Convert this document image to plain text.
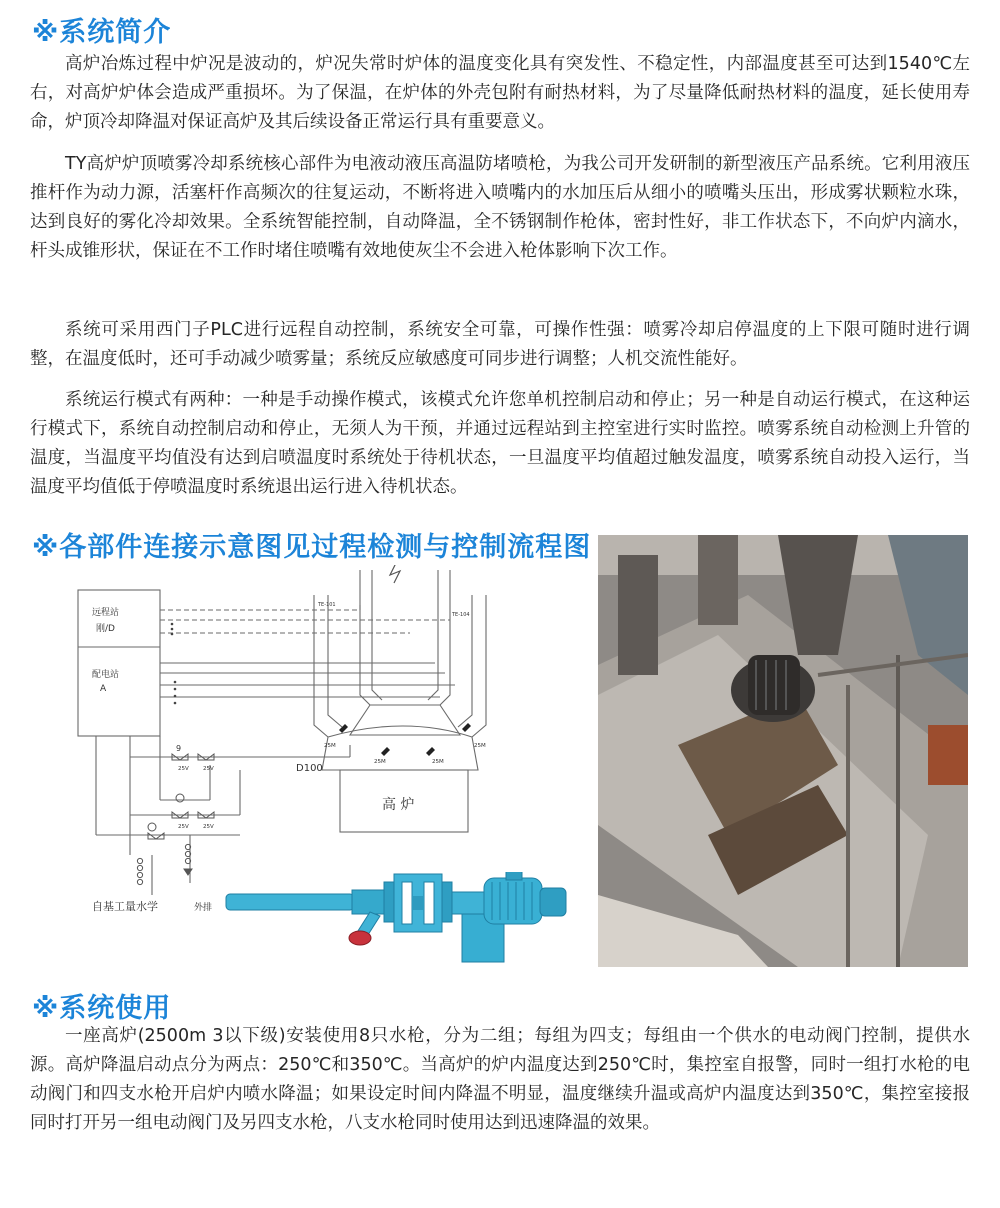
※系统简介

高炉冶炼过程中炉况是波动的，炉况失常时炉体的温度变化具有突发性、不稳定性，内部温度甚至可达到1540℃左右，对高炉炉体会造成严重损坏。为了保温，在炉体的外壳包附有耐热材料，为了尽量降低耐热材料的温度，延长使用寿命，炉顶冷却降温对保证高炉及其后续设备正常运行具有重要意义。

TY高炉炉顶喷雾冷却系统核心部件为电液动液压高温防堵喷枪，为我公司开发研制的新型液压产品系统。它利用液压推杆作为动力源，活塞杆作高频次的往复运动，不断将进入喷嘴内的水加压后从细小的喷嘴头压出，形成雾状颗粒水珠，达到良好的雾化冷却效果。全系统智能控制，自动降温，全不锈钢制作枪体，密封性好，非工作状态下，不向炉内滴水，杆头成锥形状，保证在不工作时堵住喷嘴有效地使灰尘不会进入枪体影响下次工作。

系统可采用西门子PLC进行远程自动控制，系统安全可靠，可操作性强：喷雾冷却启停温度的上下限可随时进行调整，在温度低时，还可手动减少喷雾量；系统反应敏感度可同步进行调整；人机交流性能好。

系统运行模式有两种：一种是手动操作模式，该模式允许您单机控制启动和停止；另一种是自动运行模式，在这种运行模式下，系统自动控制启动和停止，无须人为干预，并通过远程站到主控室进行实时监控。喷雾系统自动检测上升管的温度，当温度平均值没有达到启喷温度时系统处于待机状态，一旦温度平均值超过触发温度，喷雾系统自动投入运行，当温度平均值低于停喷温度时系统退出运行进入待机状态。

※各部件连接示意图见过程检测与控制流程图
远程站
刚/D
配电站
A
TE-101
TE-104
9
25V	25V
25V	25V
25M
25M	25M
25M
D100
高 炉
自基工量水学	外排
※系统使用

一座高炉(2500m 3以下级)安装使用8只水枪，分为二组；每组为四支；每组由一个供水的电动阀门控制，提供水源。高炉降温启动点分为两点：250℃和350℃。当高炉的炉内温度达到250℃时，集控室自报警，同时一组打水枪的电动阀门和四支水枪开启炉内喷水降温；如果设定时间内降温不明显，温度继续升温或高炉内温度达到350℃，集控室接报同时打开另一组电动阀门及另四支水枪，八支水枪同时使用达到迅速降温的效果。
